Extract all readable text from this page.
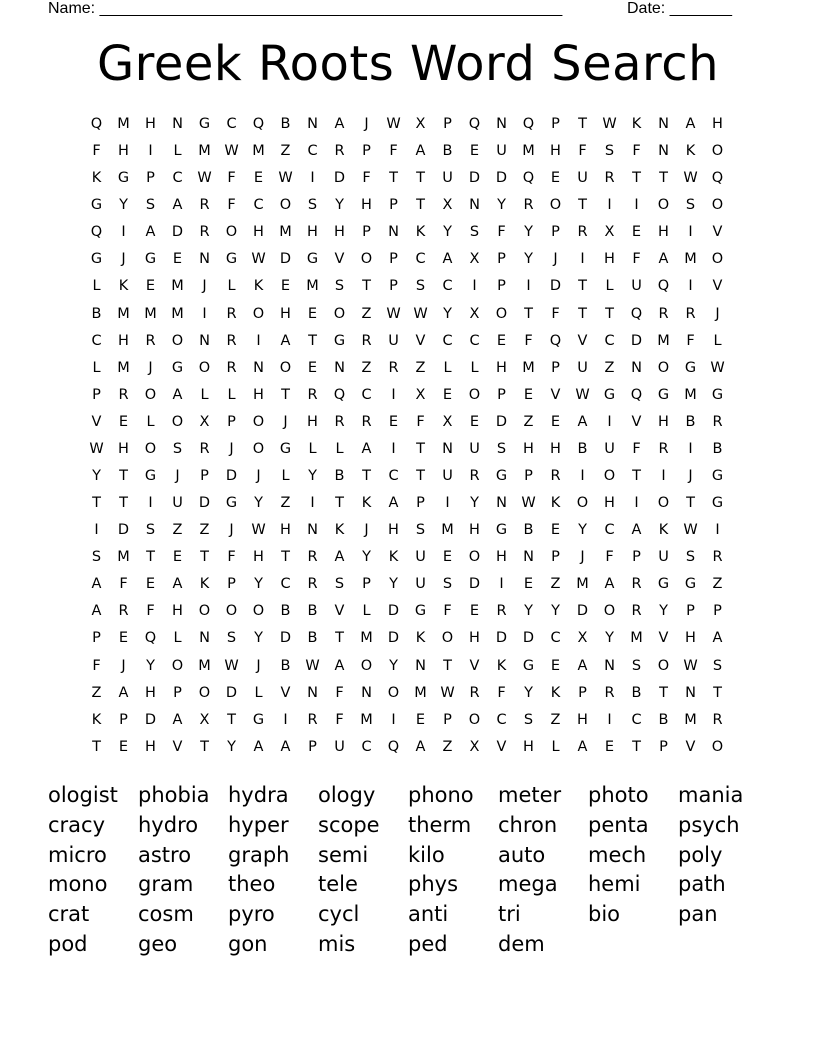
Name: ____________________________________________________	Date: _______
Greek Roots Word Search
Q	M	H	N	G	C	Q	B	N	A	J	W	X	P	Q	N	Q	P	T	W	K	N	A	H
F	H	I	L	M W M	Z	C	R	P	F	A	B	E	U	M	H	F	S	F	N	K	O
K	G	P	C	W	F	E	W	I	D	F	T	T	U	D	D	Q	E	U	R	T	T	W Q
G	Y	S	A	R	F	C	O	S	Y	H	P	T	X	N	Y	R	O	T	I	I	O	S	O
Q	I	A	D	R	O	H	M	H	H	P	N	K	Y	S	F	Y	P	R	X	E	H	I	V
G	J	G	E	N	G W D	G	V	O	P	C	A	X	P	Y	J	I	H	F	A	M	O
L	K	E	M	J	L	K	E	M	S	T	P	S	C	I	P	I	D	T	L	U	Q	I	V
B	M M M	I	R	O	H	E	O	Z	W W	Y	X	O	T	F	T	T	Q	R	R	J
C	H	R	O	N	R	I	A	T	G	R	U	V	C	C	E	F	Q	V	C	D	M	F	L
L	M	J	G	O	R	N	O	E	N	Z	R	Z	L	L	H	M	P	U	Z	N	O	G W
P	R	O	A	L	L	H	T	R	Q	C	I	X	E	O	P	E	V	W G	Q	G	M	G
V	E	L	O	X	P	O	J	H	R	R	E	F	X	E	D	Z	E	A	I	V	H	B	R
W H	O	S	R	J	O	G	L	L	A	I	T	N	U	S	H	H	B	U	F	R	I	B
Y	T	G	J	P	D	J	L	Y	B	T	C	T	U	R	G	P	R	I	O	T	I	J	G
T	T	I	U	D	G	Y	Z	I	T	K	A	P	I	Y	N W	K	O	H	I	O	T	G
I	D	S	Z	Z	J	W H	N	K	J	H	S	M	H	G	B	E	Y	C	A	K	W	I
S	M	T	E	T	F	H	T	R	A	Y	K	U	E	O	H	N	P	J	F	P	U	S	R
A	F	E	A	K	P	Y	C	R	S	P	Y	U	S	D	I	E	Z	M	A	R	G	G	Z
A	R	F	H	O	O	O	B	B	V	L	D	G	F	E	R	Y	Y	D	O	R	Y	P	P
P	E	Q	L	N	S	Y	D	B	T	M	D	K	O	H	D	D	C	X	Y	M	V	H	A
F	J	Y	O	M W	J	B	W	A	O	Y	N	T	V	K	G	E	A	N	S	O W	S
Z	A	H	P	O	D	L	V	N	F	N	O	M W	R	F	Y	K	P	R	B	T	N	T
K	P	D	A	X	T	G	I	R	F	M	I	E	P	O	C	S	Z	H	I	C	B	M	R
T	E	H	V	T	Y	A	A	P	U	C	Q	A	Z	X	V	H	L	A	E	T	P	V	O
ologist phobia hydra	ology	phono	meter	photo	mania
cracy	hydro	hyper	scope	therm	chron	penta	psych
micro	astro	graph	semi	kilo	auto	mech	poly
mono	gram	theo	tele	phys	mega	hemi	path
crat	cosm	pyro	cycl	anti	tri	bio	pan
pod	geo	gon	mis	ped	dem
